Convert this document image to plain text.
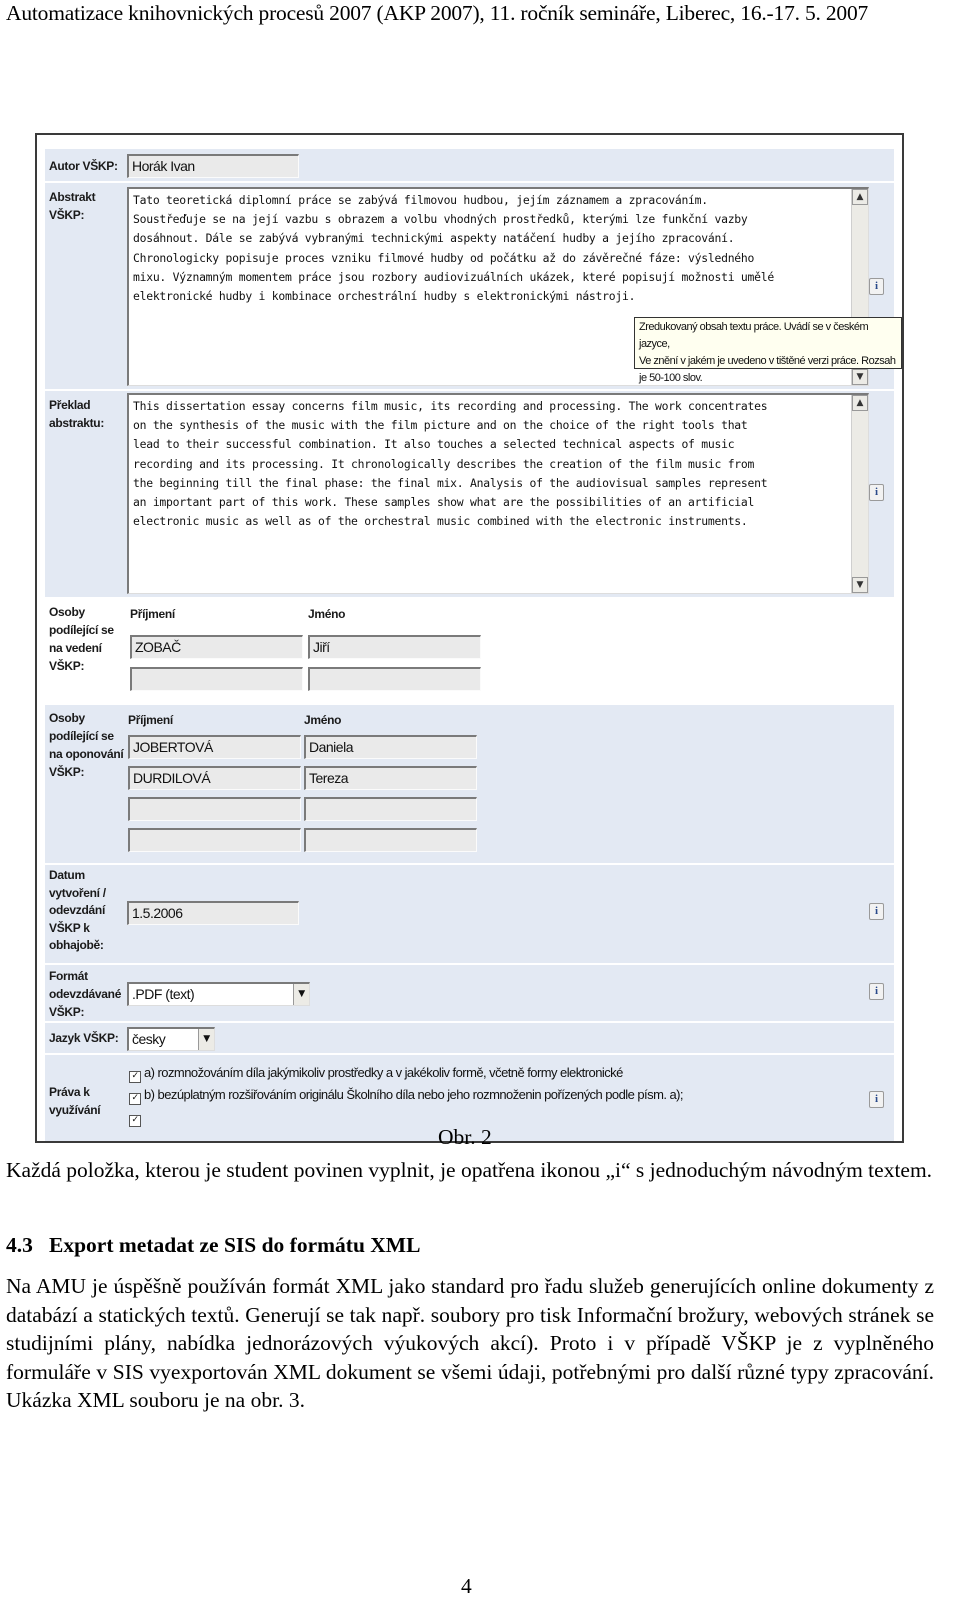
Automatizace knihovnických procesů 2007 (AKP 2007), 11. ročník semináře, Liberec, 16.-17. 5. 2007
Autor VŠKP:	Horák Ivan
Abstrakt
VŠKP:
Tato teoretická diplomní práce se zabývá filmovou hudbou, jejím záznamem a zpracováním.
Soustřeďuje se na její vazbu s obrazem a volbu vhodných prostředků, kterými lze funkční vazby
dosáhnout. Dále se zabývá vybranými technickými aspekty natáčení hudby a jejího zpracování.
Chronologicky popisuje proces vzniku filmové hudby od počátku až do závěrečné fáze: výsledného
mixu. Významným momentem práce jsou rozbory audiovizuálních ukázek, které popisují možnosti umělé
elektronické hudby i kombinace orchestrální hudby s elektronickými nástroji.
▲
▼
i
Zredukovaný obsah textu práce. Uvádí se v českém jazyce,
Ve znění v jakém je uvedeno v tištěné verzi práce. Rozsah
je 50-100 slov.
Překlad
abstraktu:
This dissertation essay concerns film music, its recording and processing. The work concentrates
on the synthesis of the music with the film picture and on the choice of the right tools that
lead to their successful combination. It also touches a selected technical aspects of music
recording and its processing. It chronologically describes the creation of the film music from
the beginning till the final phase: the final mix. Analysis of the audiovisual samples represent
an important part of this work. These samples show what are the possibilities of an artificial
electronic music as well as of the orchestral music combined with the electronic instruments.
▲
▼
i
Osoby
podílející se
na vedení
VŠKP:
Příjmení	Jméno
ZOBAČ	Jiří
Osoby
podílející se
na oponování
VŠKP:
Příjmení	Jméno
JOBERTOVÁ	Daniela
DURDILOVÁ	Tereza
Datum
vytvoření /
odevzdání
VŠKP k
obhajobě:
1.5.2006	i
Formát
odevzdávané
VŠKP:
.PDF (text)	▼	i
Jazyk VŠKP: česky	▼
Práva k
využívání
✓ a) rozmnožováním díla jakýmikoliv prostředky a v jakékoliv formě, včetně formy elektronické
✓ b) bezúplatným rozšiřováním originálu Školního díla nebo jeho rozmnoženin pořízených podle písm. a);
✓
i
Obr. 2
Každá položka, kterou je student povinen vyplnit, je opatřena ikonou „i“ s jednoduchým návodným textem.
4.3   Export metadat ze SIS do formátu XML
Na AMU je úspěšně používán formát XML jako standard pro řadu služeb generujících online dokumenty z databází a statických textů. Generují se tak např. soubory pro tisk Informační brožury, webových stránek se studijními plány, nabídka jednorázových výukových akcí). Proto i v případě VŠKP je z vyplněného formuláře v SIS vyexportován XML dokument se všemi údaji, potřebnými pro další různé typy zpracování. Ukázka XML souboru je na obr. 3.
4
